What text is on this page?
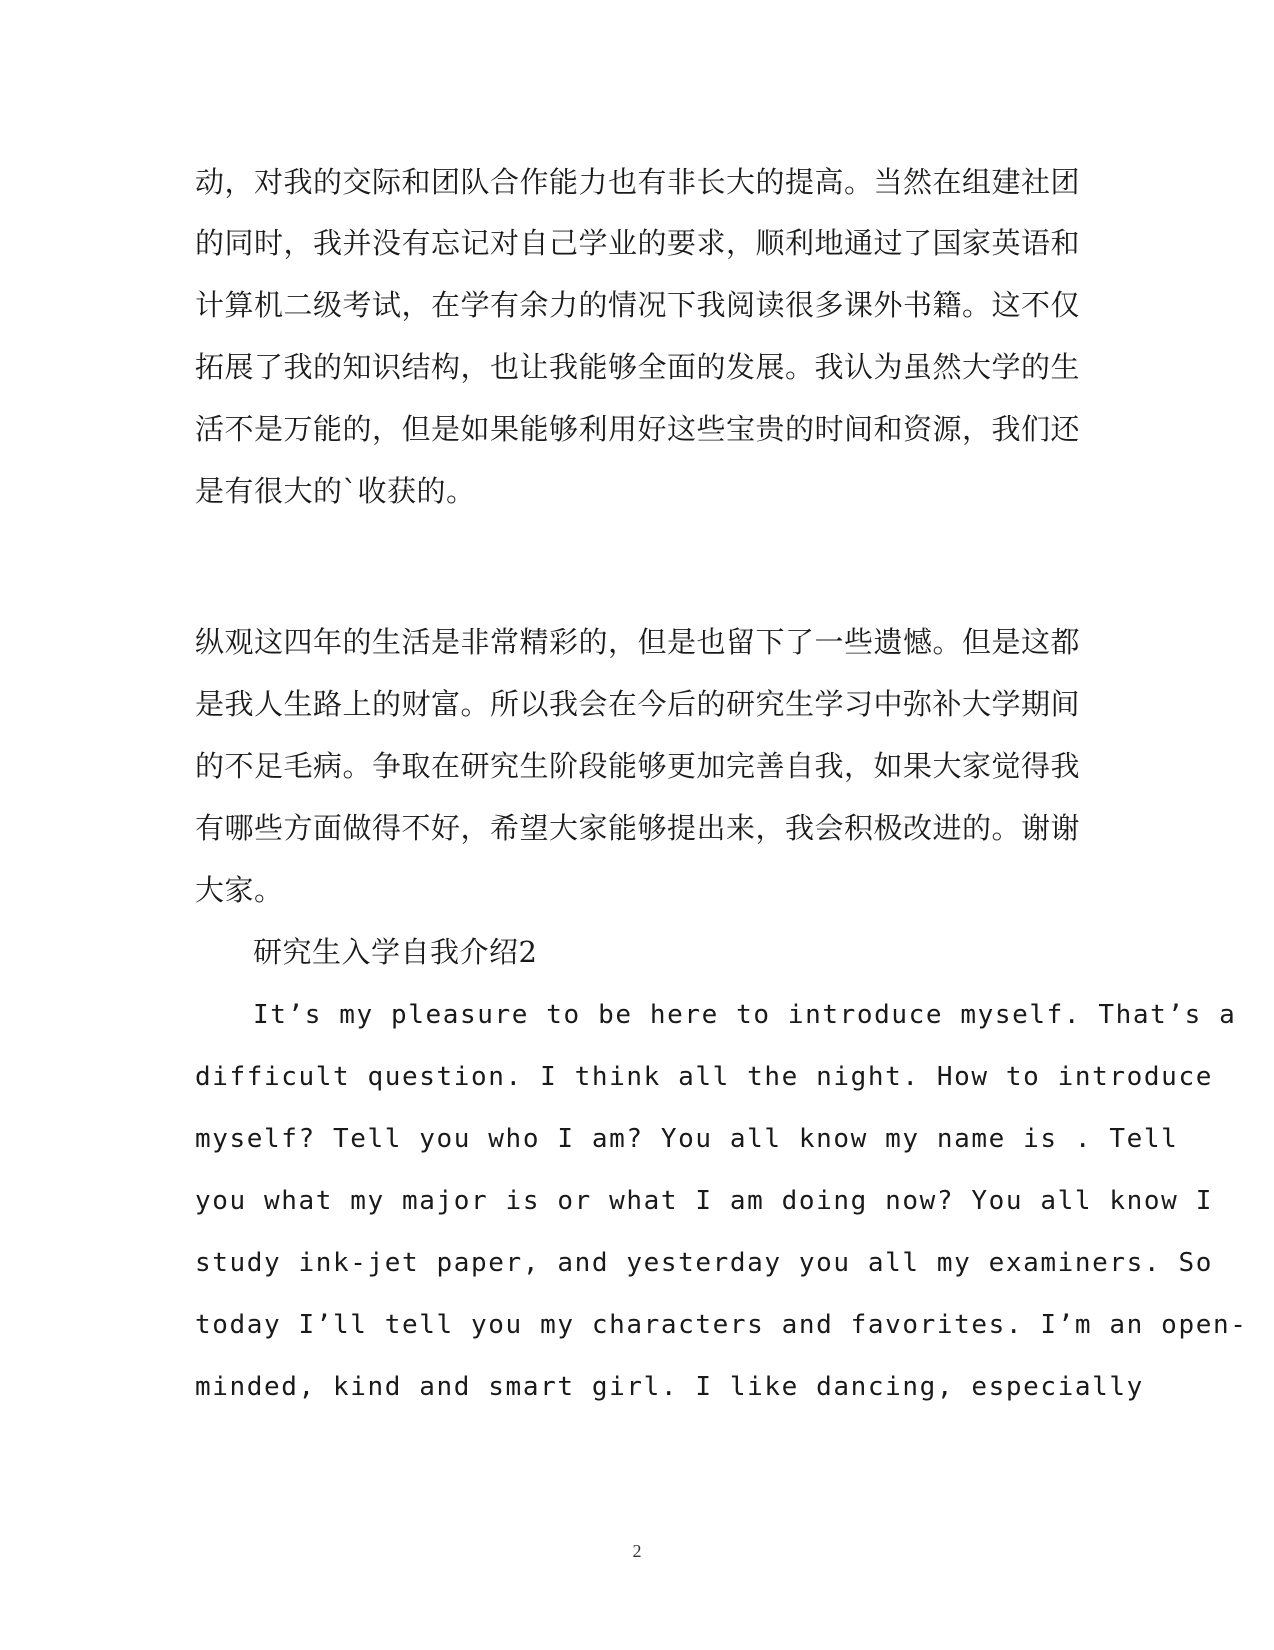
动，对我的交际和团队合作能力也有非长大的提高。当然在组建社团
的同时，我并没有忘记对自己学业的要求，顺利地通过了国家英语和
计算机二级考试，在学有余力的情况下我阅读很多课外书籍。这不仅
拓展了我的知识结构，也让我能够全面的发展。我认为虽然大学的生
活不是万能的，但是如果能够利用好这些宝贵的时间和资源，我们还
是有很大的`收获的。
纵观这四年的生活是非常精彩的，但是也留下了一些遗憾。但是这都
是我人生路上的财富。所以我会在今后的研究生学习中弥补大学期间
的不足毛病。争取在研究生阶段能够更加完善自我，如果大家觉得我
有哪些方面做得不好，希望大家能够提出来，我会积极改进的。谢谢
大家。
研究生入学自我介绍2
It’s my pleasure to be here to introduce myself. That’s a
difficult question. I think all the night. How to introduce
myself? Tell you who I am? You all know my name is . Tell
you what my major is or what I am doing now? You all know I
study ink-jet paper, and yesterday you all my examiners. So
today I’ll tell you my characters and favorites. I’m an open-
minded, kind and smart girl. I like dancing, especially
2
